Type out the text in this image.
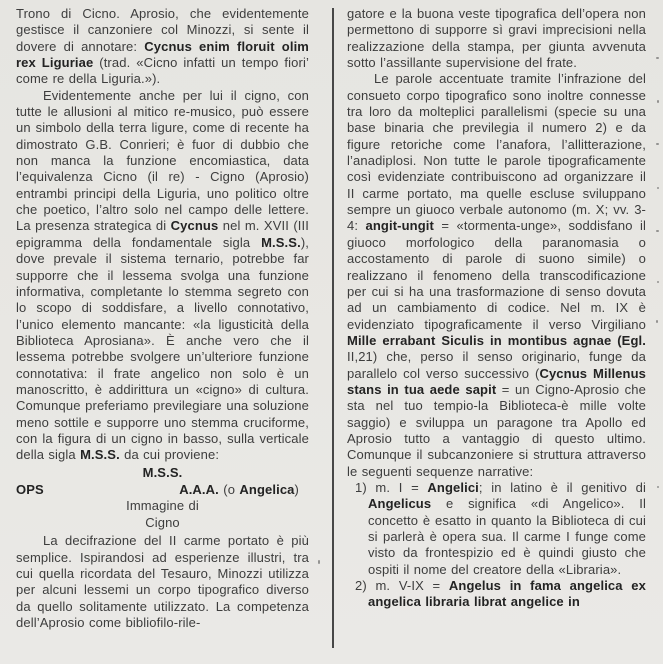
Trono di Cicno. Aprosio, che evidentemente gestisce il canzoniere col Minozzi, si sente il dovere di annotare: Cycnus enim floruit olim rex Liguriae (trad. «Cicno infatti un tempo fiori’ come re della Liguria.»).

Evidentemente anche per lui il cigno, con tutte le allusioni al mitico re-musico, può essere un simbolo della terra ligure, come di recente ha dimostrato G.B. Conrieri; è fuor di dubbio che non manca la funzione encomiastica, data l’equivalenza Cicno (il re) - Cigno (Aprosio) entrambi principi della Liguria, uno politico oltre che poetico, l’altro solo nel campo delle lettere. La presenza strategica di Cycnus nel m. XVII (III epigramma della fondamentale sigla M.S.S.), dove prevale il sistema ternario, potrebbe far supporre che il lessema svolga una funzione informativa, completante lo stemma segreto con lo scopo di soddisfare, a livello connotativo, l’unico elemento mancante: «la ligusticità della Biblioteca Aprosiana». È anche vero che il lessema potrebbe svolgere un’ulteriore funzione connotativa: il frate angelico non solo è un manoscritto, è addirittura un «cigno» di cultura. Comunque preferiamo previlegiare una soluzione meno sottile e supporre uno stemma cruciforme, con la figura di un cigno in basso, sulla verticale della sigla M.S.S. da cui proviene:

M.S.S.
OPS	A.A.A. (o Angelica)
Immagine di
Cigno

La decifrazione del II carme portato è più semplice. Ispirandosi ad esperienze illustri, tra cui quella ricordata del Tesauro, Minozzi utilizza per alcuni lessemi un corpo tipografico diverso da quello solitamente utilizzato. La competenza dell’Aprosio come bibliofilo-rile-

gatore e la buona veste tipografica dell’opera non permettono di supporre sì gravi imprecisioni nella realizzazione della stampa, per giunta avvenuta sotto l’assillante supervisione del frate.

Le parole accentuate tramite l’infrazione del consueto corpo tipografico sono inoltre connesse tra loro da molteplici parallelismi (specie su una base binaria che previlegia il numero 2) e da figure retoriche come l’anafora, l’allitterazione, l’anadiplosi. Non tutte le parole tipograficamente così evidenziate contribuiscono ad organizzare il II carme portato, ma quelle escluse sviluppano sempre un giuoco verbale autonomo (m. X; vv. 3-4: angit-ungit = «tormenta-unge», soddisfano il giuoco morfologico della paranomasia o accostamento di parole di suono simile) o realizzano il fenomeno della transcodificazione per cui si ha una trasformazione di senso dovuta ad un cambiamento di codice. Nel m. IX è evidenziato tipograficamente il verso Virgiliano Mille errabant Siculis in montibus agnae (Egl. II,21) che, perso il senso originario, funge da parallelo col verso successivo (Cycnus Millenus stans in tua aede sapit = un Cigno-Aprosio che sta nel tuo tempio-la Biblioteca-è mille volte saggio) e sviluppa un paragone tra Apollo ed Aprosio tutto a vantaggio di questo ultimo. Comunque il subcanzoniere si struttura attraverso le seguenti sequenze narrative:

1) m. I = Angelici; in latino è il genitivo di Angelicus e significa «di Angelico». Il concetto è esatto in quanto la Biblioteca di cui si parlerà è opera sua. Il carme I funge come visto da frontespizio ed è quindi giusto che ospiti il nome del creatore della «Libraria».
2) m. V-IX = Angelus in fama angelica ex angelica libraria librat angelice in
